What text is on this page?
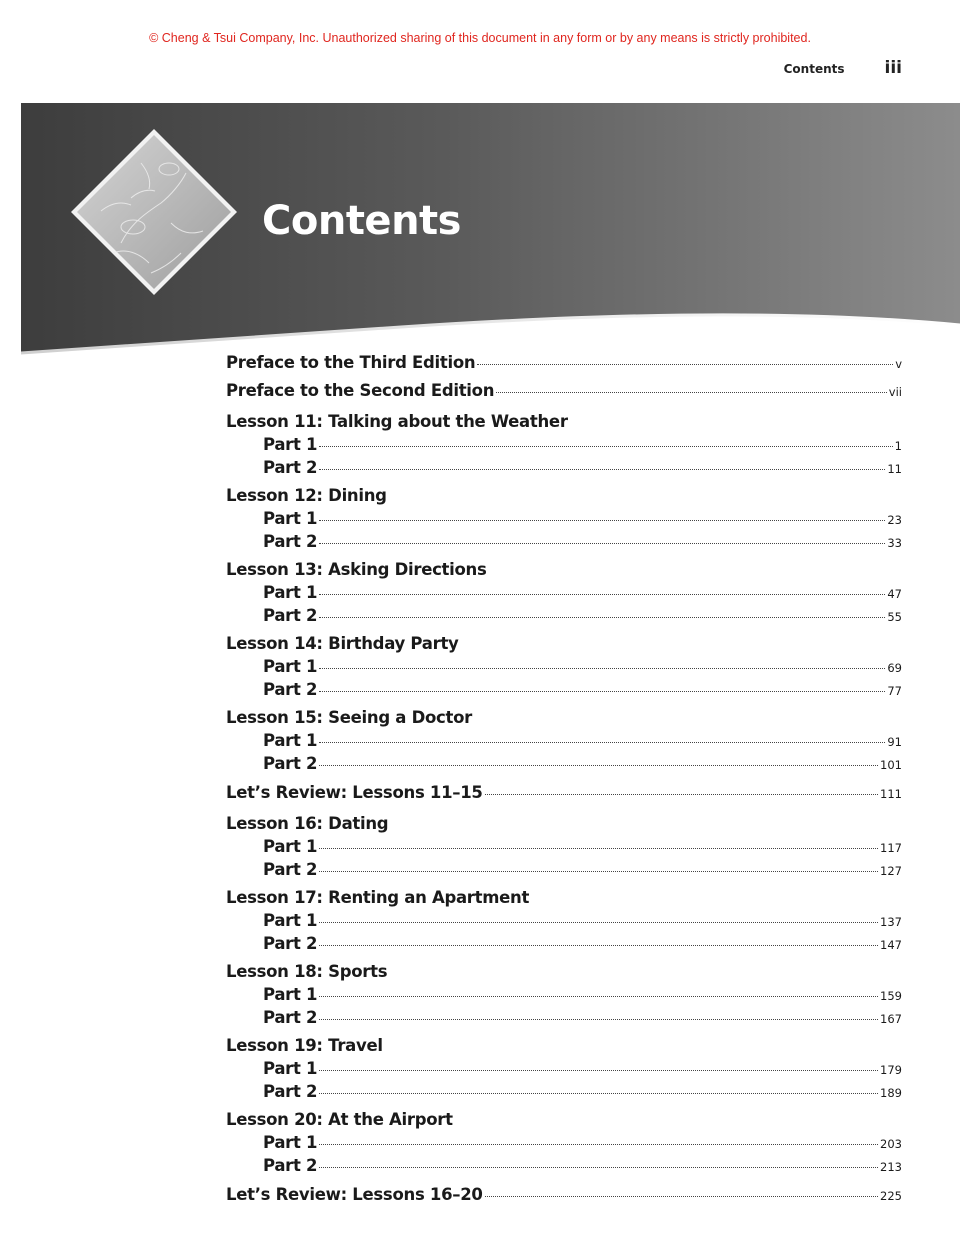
© Cheng & Tsui Company, Inc. Unauthorized sharing of this document in any form or by any means is strictly prohibited.
Contents iii
Contents
Preface to the Third Edition	v
Preface to the Second Edition	vii
Lesson 11: Talking about the Weather
Part 1	1
Part 2	11
Lesson 12: Dining
Part 1	23
Part 2	33
Lesson 13: Asking Directions
Part 1	47
Part 2	55
Lesson 14: Birthday Party
Part 1	69
Part 2	77
Lesson 15: Seeing a Doctor
Part 1	91
Part 2	101
Let’s Review: Lessons 11–15	111
Lesson 16: Dating
Part 1	117
Part 2	127
Lesson 17: Renting an Apartment
Part 1	137
Part 2	147
Lesson 18: Sports
Part 1	159
Part 2	167
Lesson 19: Travel
Part 1	179
Part 2	189
Lesson 20: At the Airport
Part 1	203
Part 2	213
Let’s Review: Lessons 16–20	225
